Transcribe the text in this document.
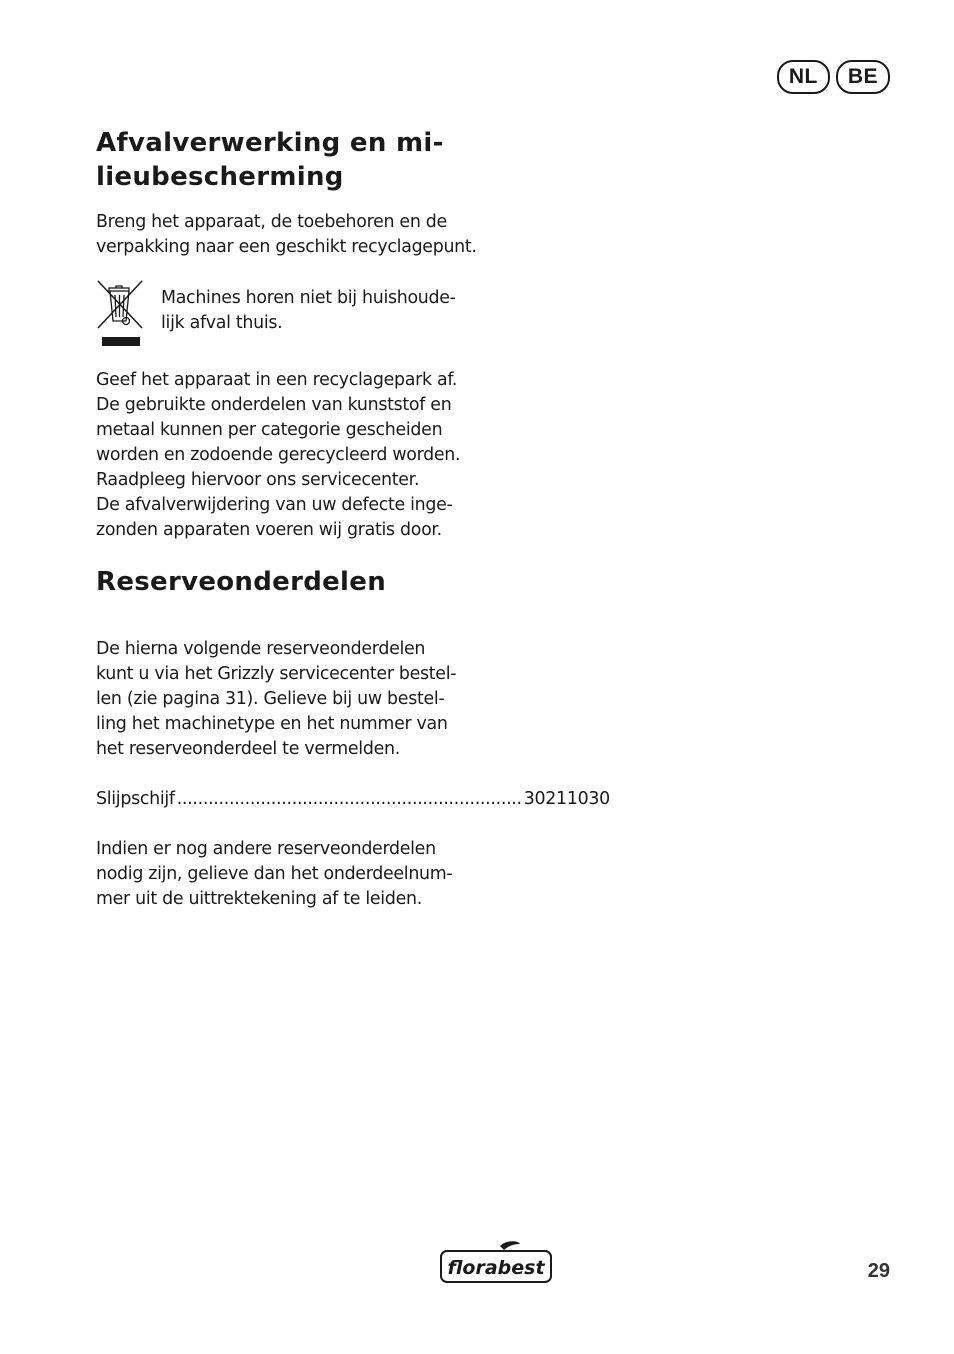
NL	BE
Afvalverwerking en mi-
lieubescherming

Breng het apparaat, de toebehoren en de
verpakking naar een geschikt recyclagepunt.

Machines horen niet bij huishoude-
lijk afval thuis.

Geef het apparaat in een recyclagepark af.
De gebruikte onderdelen van kunststof en
metaal kunnen per categorie gescheiden
worden en zodoende gerecycleerd worden.
Raadpleeg hiervoor ons servicecenter.
De afvalverwijdering van uw defecte inge-
zonden apparaten voeren wij gratis door.

Reserveonderdelen

De hierna volgende reserveonderdelen
kunt u via het Grizzly servicecenter bestel-
len (zie pagina 31). Gelieve bij uw bestel-
ling het machinetype en het nummer van
het reserveonderdeel te vermelden.

Slijpschijf .................................................................. 30211030

Indien er nog andere reserveonderdelen
nodig zijn, gelieve dan het onderdeelnum-
mer uit de uittrektekening af te leiden.

florabest	29
